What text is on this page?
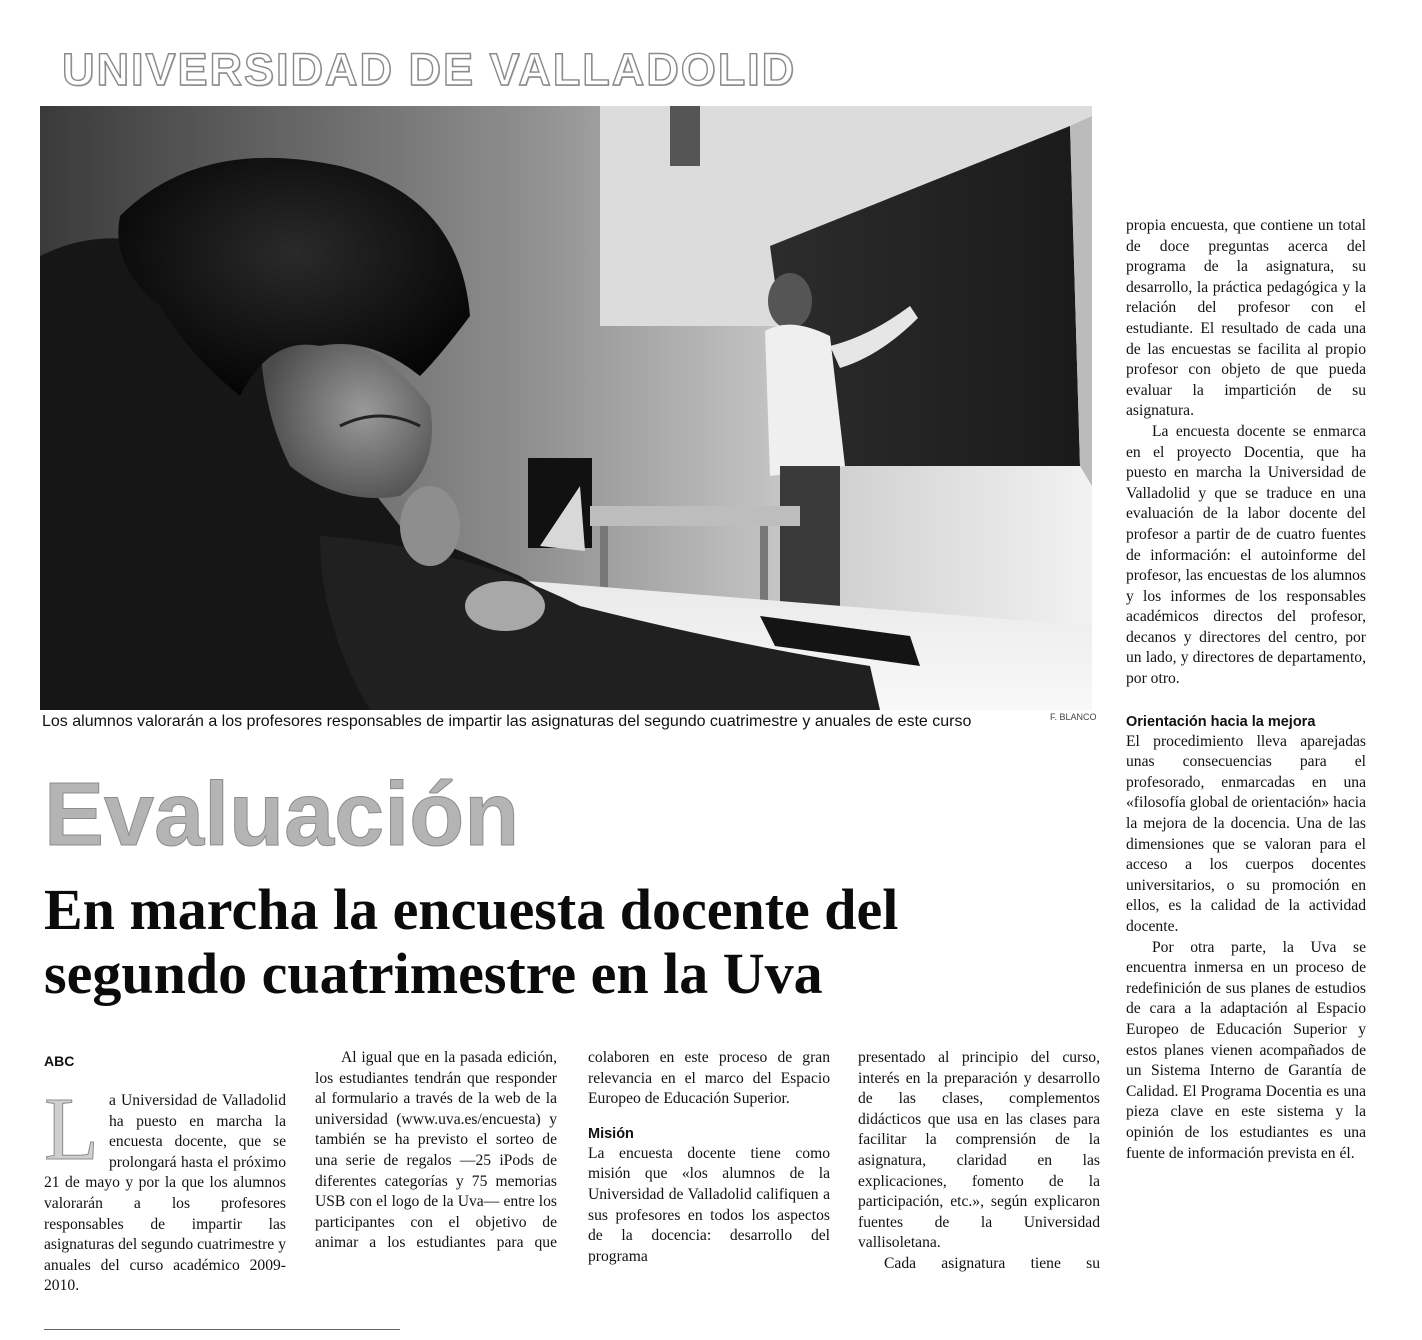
UNIVERSIDAD DE VALLADOLID
Los alumnos valorarán a los profesores responsables de impartir las asignaturas del segundo cuatrimestre y anuales de este curso	F. BLANCO
Evaluación
En marcha la encuesta docente del segundo cuatrimestre en la Uva
ABC
L a Universidad de Valladolid ha puesto en marcha la encuesta docente, que se prolongará hasta el próximo 21 de mayo y por la que los alumnos valorarán a los profesores responsables de impartir las asignaturas del segundo cuatrimestre y anuales del curso académico 2009-2010.

Al igual que en la pasada edición, los estudiantes tendrán que responder al formulario a través de la web de la universidad (www.uva.es/encuesta) y también se ha previsto el sorteo de una serie de regalos —25 iPods de diferentes categorías y 75 memorias USB con el logo de la Uva— entre los participantes con el objetivo de animar a los estudiantes para que

colaboren en este proceso de gran relevancia en el marco del Espacio Europeo de Educación Superior.

Misión

La encuesta docente tiene como misión que «los alumnos de la Universidad de Valladolid califiquen a sus profesores en todos los aspectos de la docencia: desarrollo del programa

presentado al principio del curso, interés en la preparación y desarrollo de las clases, complementos didácticos que usa en las clases para facilitar la comprensión de la asignatura, claridad en las explicaciones, fomento de la participación, etc.», según explicaron fuentes de la Universidad vallisoletana.

Cada asignatura tiene su

propia encuesta, que contiene un total de doce preguntas acerca del programa de la asignatura, su desarrollo, la práctica pedagógica y la relación del profesor con el estudiante. El resultado de cada una de las encuestas se facilita al propio profesor con objeto de que pueda evaluar la impartición de su asignatura.

La encuesta docente se enmarca en el proyecto Docentia, que ha puesto en marcha la Universidad de Valladolid y que se traduce en una evaluación de la labor docente del profesor a partir de de cuatro fuentes de información: el autoinforme del profesor, las encuestas de los alumnos y los informes de los responsables académicos directos del profesor, decanos y directores del centro, por un lado, y directores de departamento, por otro.

Orientación hacia la mejora

El procedimiento lleva aparejadas unas consecuencias para el profesorado, enmarcadas en una «filosofía global de orientación» hacia la mejora de la docencia. Una de las dimensiones que se valoran para el acceso a los cuerpos docentes universitarios, o su promoción en ellos, es la calidad de la actividad docente.

Por otra parte, la Uva se encuentra inmersa en un proceso de redefinición de sus planes de estudios de cara a la adaptación al Espacio Europeo de Educación Superior y estos planes vienen acompañados de un Sistema Interno de Garantía de Calidad. El Programa Docentia es una pieza clave en este sistema y la opinión de los estudiantes es una fuente de información prevista en él.
